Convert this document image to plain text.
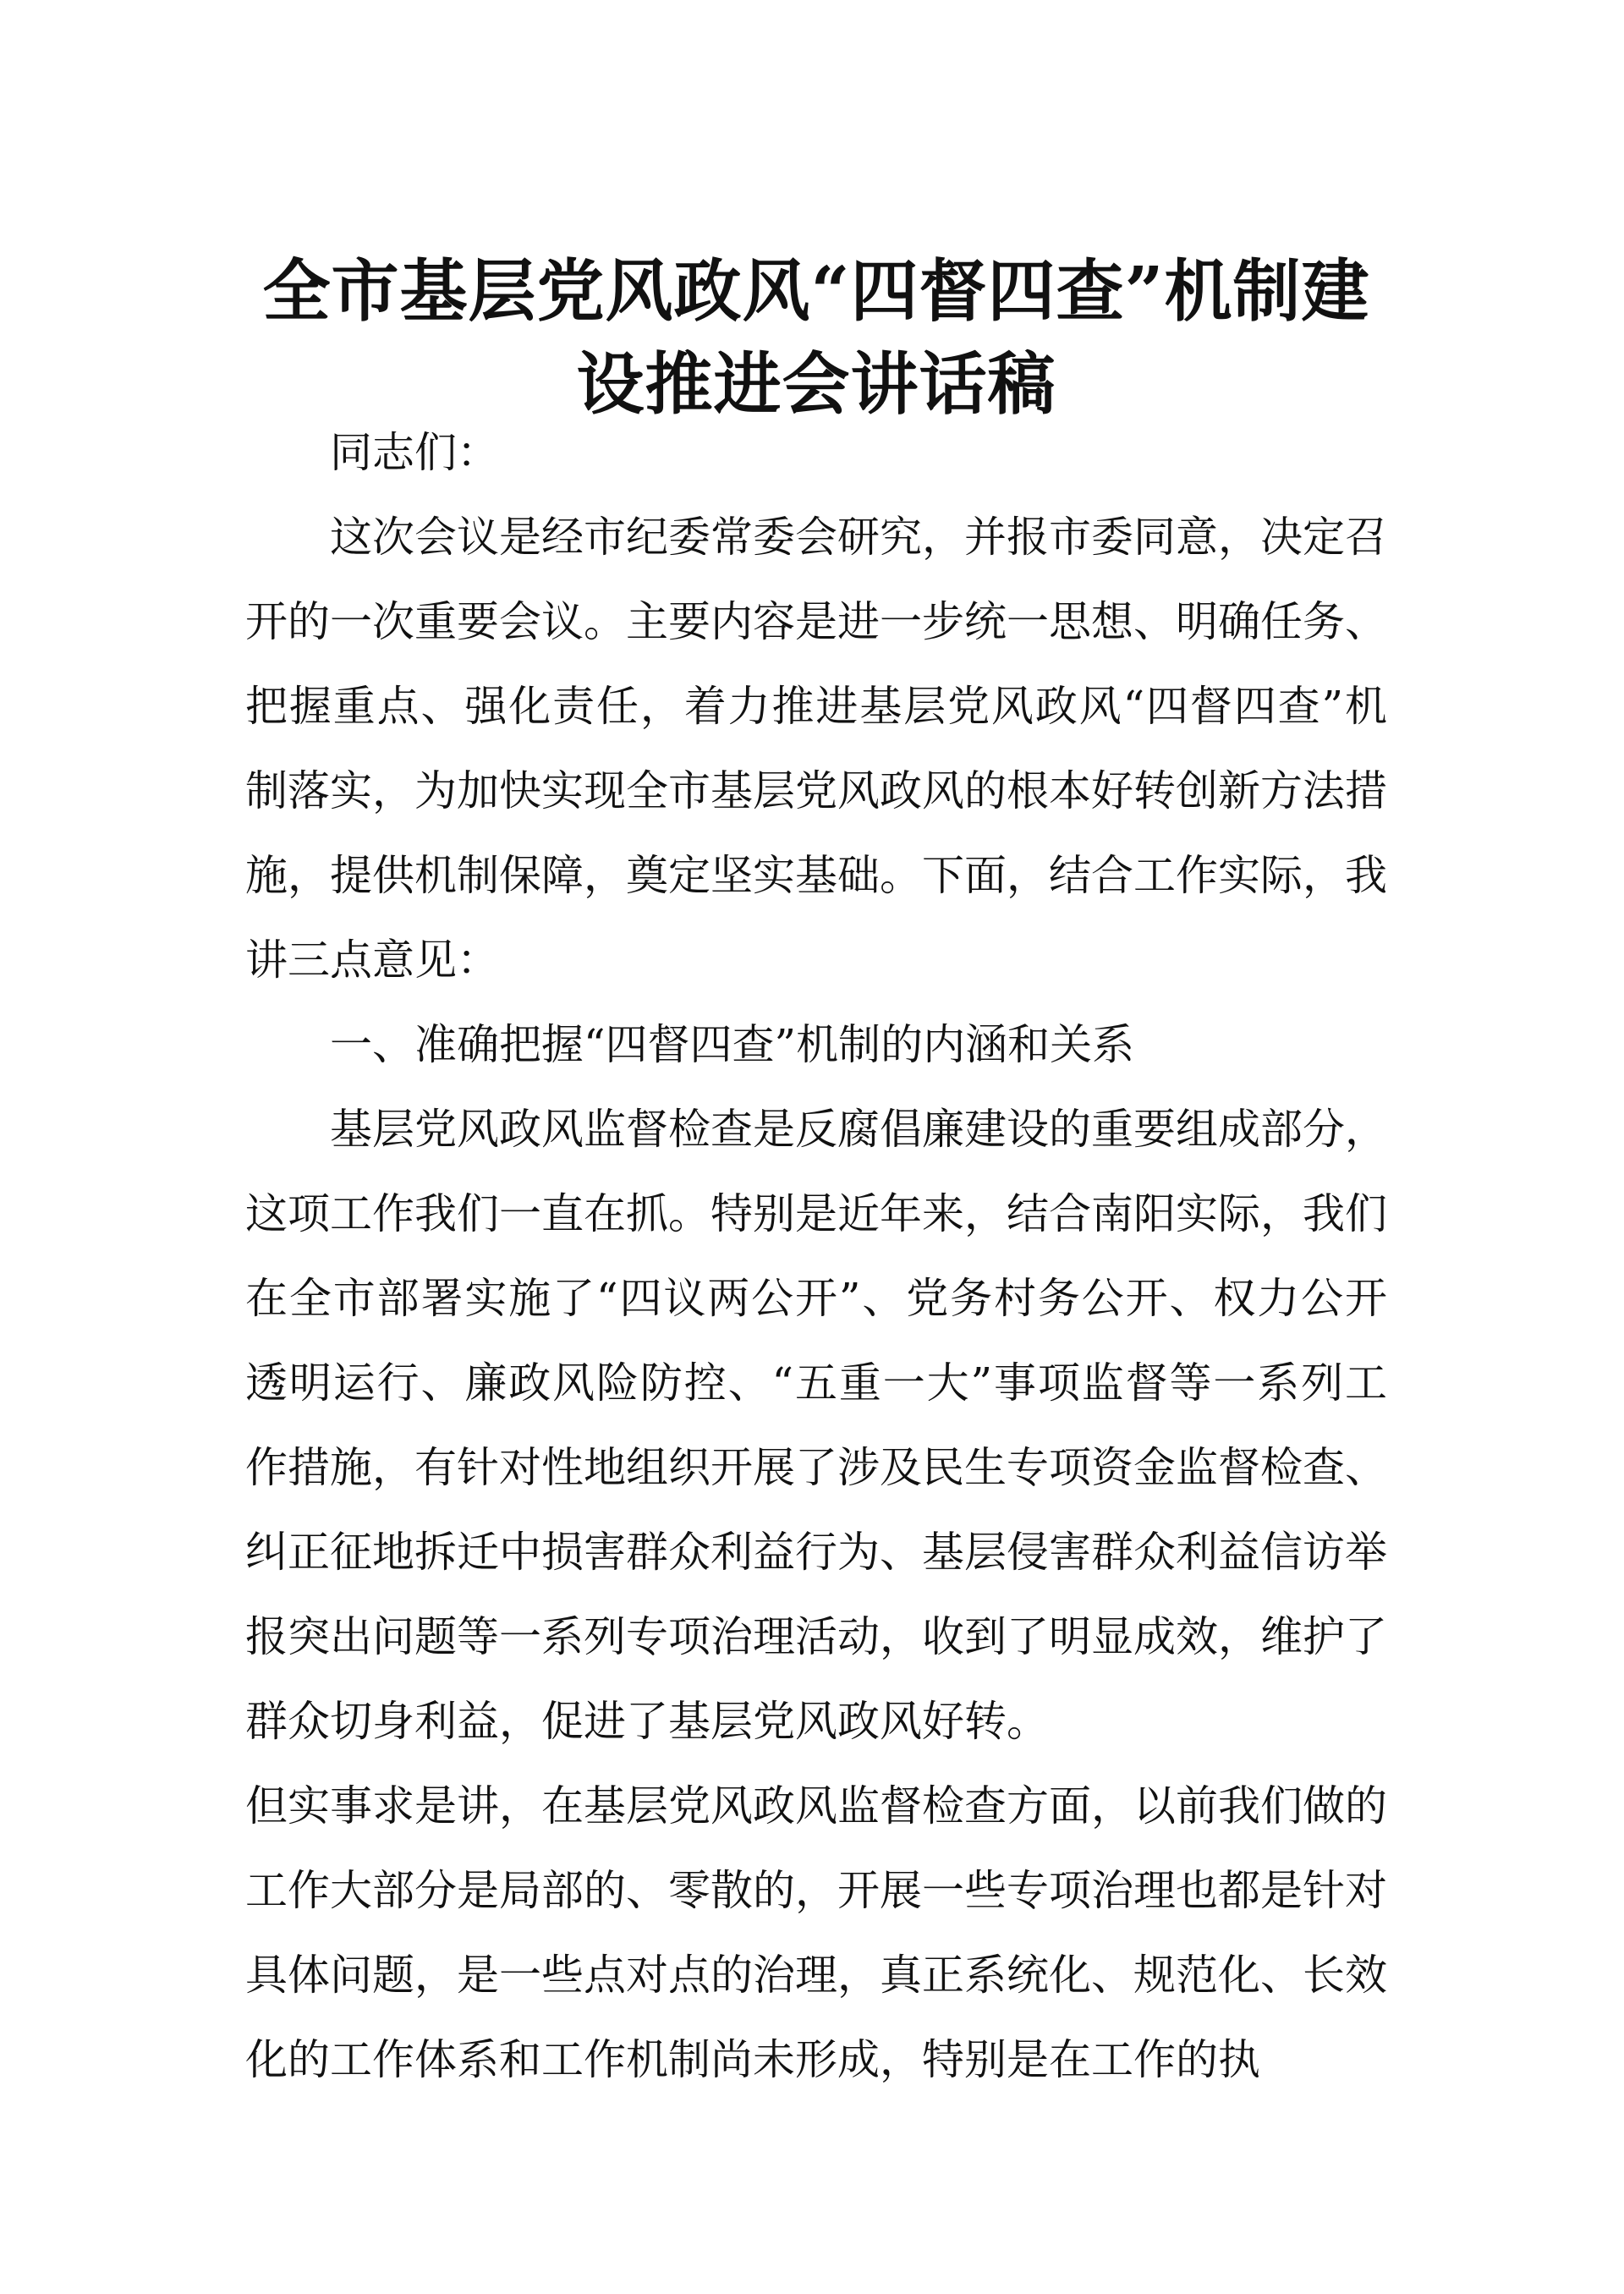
全市基层党风政风“四督四查”机制建
设推进会讲话稿

同志们：

这次会议是经市纪委常委会研究，并报市委同意，决定召开的一次重要会议。主要内容是进一步统一思想、明确任务、把握重点、强化责任，着力推进基层党风政风“四督四查”机制落实，为加快实现全市基层党风政风的根本好转创新方法措施，提供机制保障，奠定坚实基础。下面，结合工作实际，我讲三点意见：

一、准确把握“四督四查”机制的内涵和关系

基层党风政风监督检查是反腐倡廉建设的重要组成部分，这项工作我们一直在抓。特别是近年来，结合南阳实际，我们在全市部署实施了“四议两公开”、党务村务公开、权力公开透明运行、廉政风险防控、“五重一大”事项监督等一系列工作措施，有针对性地组织开展了涉及民生专项资金监督检查、纠正征地拆迁中损害群众利益行为、基层侵害群众利益信访举报突出问题等一系列专项治理活动，收到了明显成效，维护了群众切身利益，促进了基层党风政风好转。

但实事求是讲，在基层党风政风监督检查方面，以前我们做的工作大部分是局部的、零散的，开展一些专项治理也都是针对具体问题，是一些点对点的治理，真正系统化、规范化、长效化的工作体系和工作机制尚未形成，特别是在工作的执
